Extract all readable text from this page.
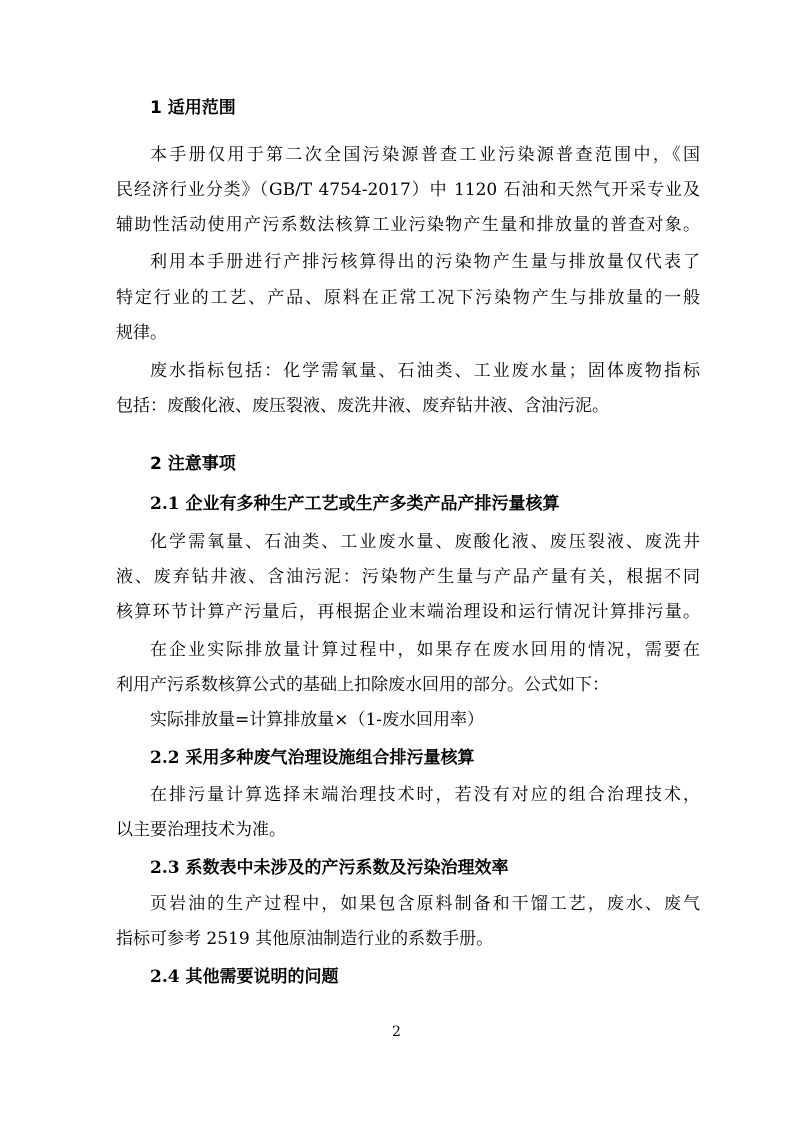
1 适用范围
本手册仅用于第二次全国污染源普查工业污染源普查范围中，《国
民经济行业分类》（GB/T 4754-2017）中 1120 石油和天然气开采专业及
辅助性活动使用产污系数法核算工业污染物产生量和排放量的普查对象。
利用本手册进行产排污核算得出的污染物产生量与排放量仅代表了
特定行业的工艺、产品、原料在正常工况下污染物产生与排放量的一般
规律。
废水指标包括：化学需氧量、石油类、工业废水量；固体废物指标
包括：废酸化液、废压裂液、废洗井液、废弃钻井液、含油污泥。
2 注意事项
2.1 企业有多种生产工艺或生产多类产品产排污量核算
化学需氧量、石油类、工业废水量、废酸化液、废压裂液、废洗井
液、废弃钻井液、含油污泥：污染物产生量与产品产量有关，根据不同
核算环节计算产污量后，再根据企业末端治理设和运行情况计算排污量。
在企业实际排放量计算过程中，如果存在废水回用的情况，需要在
利用产污系数核算公式的基础上扣除废水回用的部分。公式如下：
实际排放量=计算排放量×（1-废水回用率）
2.2 采用多种废气治理设施组合排污量核算
在排污量计算选择末端治理技术时，若没有对应的组合治理技术，
以主要治理技术为准。
2.3 系数表中未涉及的产污系数及污染治理效率
页岩油的生产过程中，如果包含原料制备和干馏工艺，废水、废气
指标可参考 2519 其他原油制造行业的系数手册。
2.4 其他需要说明的问题
2
